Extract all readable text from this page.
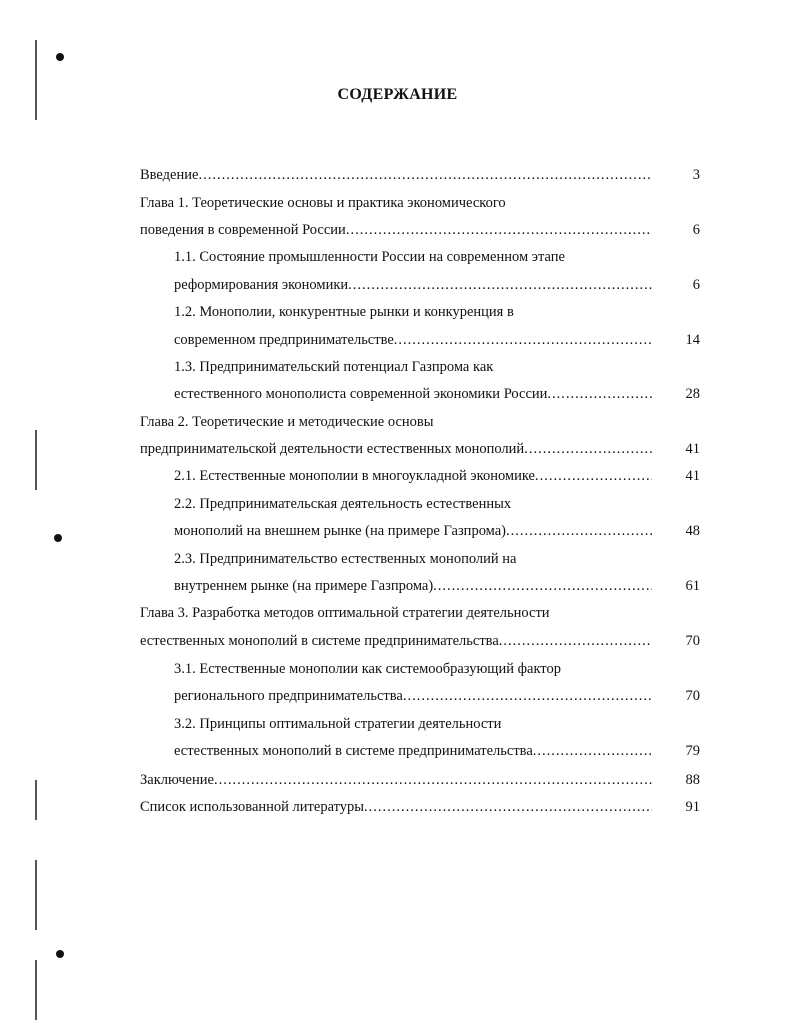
СОДЕРЖАНИЕ
Введение .....	3
Глава 1. Теоретические основы и практика экономического
поведения в современной России .....	6
1.1. Состояние промышленности России на современном этапе
реформирования экономики .....	6
1.2. Монополии, конкурентные рынки и конкуренция в
современном предпринимательстве .....	14
1.3. Предпринимательский потенциал Газпрома как
естественного монополиста современной экономики России .....	28
Глава 2. Теоретические и методические основы
предпринимательской деятельности естественных монополий .....	41
2.1. Естественные монополии в многоукладной экономике .....	41
2.2. Предпринимательская деятельность естественных
монополий на внешнем рынке (на примере Газпрома) .....	48
2.3. Предпринимательство естественных монополий на
внутреннем рынке (на примере Газпрома) .....	61
Глава 3. Разработка методов оптимальной стратегии деятельности
естественных монополий в системе предпринимательства .....	70
3.1. Естественные монополии как системообразующий фактор
регионального предпринимательства .....	70
3.2. Принципы оптимальной стратегии деятельности
естественных монополий в системе предпринимательства .....	79
Заключение .....	88
Список использованной литературы .....	91
